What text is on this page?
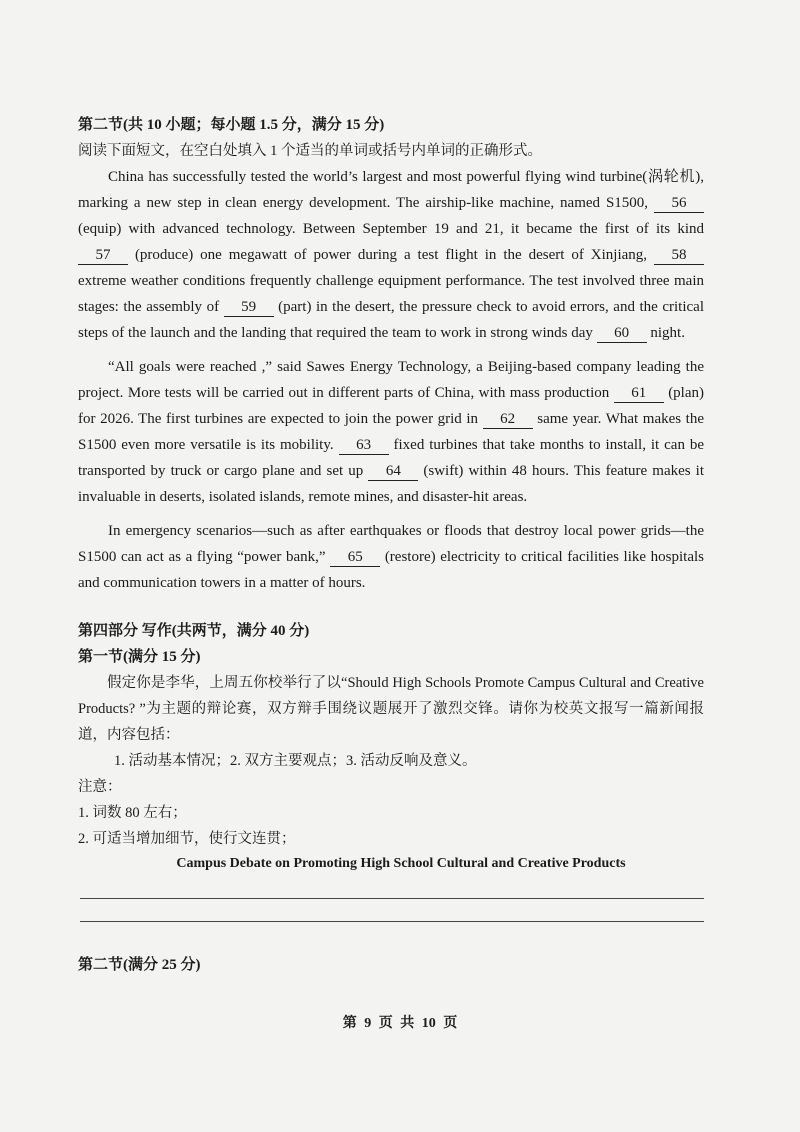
第二节(共 10 小题；每小题 1.5 分，满分 15 分)
阅读下面短文，在空白处填入 1 个适当的单词或括号内单词的正确形式。

China has successfully tested the world’s largest and most powerful flying wind turbine(涡轮机), marking a new step in clean energy development. The airship-like machine, named S1500, 56 (equip) with advanced technology. Between September 19 and 21, it became the first of its kind 57 (produce) one megawatt of power during a test flight in the desert of Xinjiang, 58 extreme weather conditions frequently challenge equipment performance. The test involved three main stages: the assembly of 59 (part) in the desert, the pressure check to avoid errors, and the critical steps of the launch and the landing that required the team to work in strong winds day 60 night.

“All goals were reached ,” said Sawes Energy Technology, a Beijing-based company leading the project. More tests will be carried out in different parts of China, with mass production 61 (plan) for 2026. The first turbines are expected to join the power grid in 62 same year. What makes the S1500 even more versatile is its mobility. 63 fixed turbines that take months to install, it can be transported by truck or cargo plane and set up 64 (swift) within 48 hours. This feature makes it invaluable in deserts, isolated islands, remote mines, and disaster-hit areas.

In emergency scenarios—such as after earthquakes or floods that destroy local power grids—the S1500 can act as a flying “power bank,” 65 (restore) electricity to critical facilities like hospitals and communication towers in a matter of hours.

第四部分 写作(共两节，满分 40 分)
第一节(满分 15 分)

假定你是李华，上周五你校举行了以“Should High Schools Promote Campus Cultural and Creative Products? ”为主题的辩论赛，双方辩手围绕议题展开了激烈交锋。请你为校英文报写一篇新闻报道，内容包括：

1. 活动基本情况；2. 双方主要观点；3. 活动反响及意义。
注意：
1. 词数 80 左右；
2. 可适当增加细节，使行文连贯；
Campus Debate on Promoting High School Cultural and Creative Products
第二节(满分 25 分)
第 9 页 共 10 页
